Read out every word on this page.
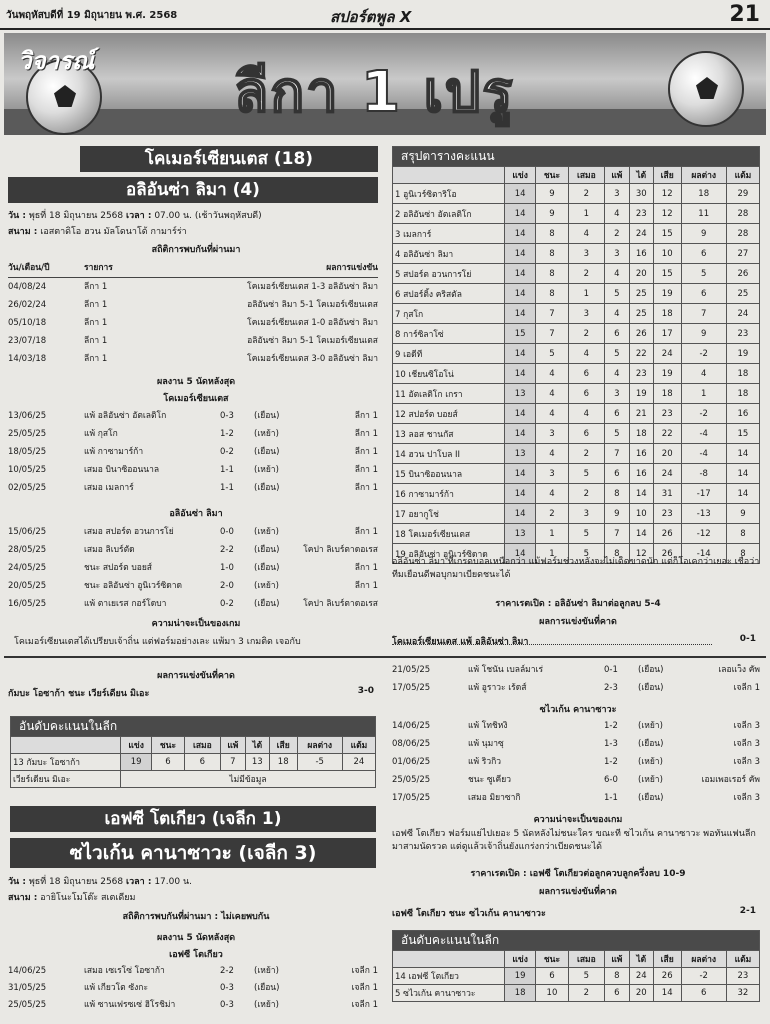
วันพฤหัสบดีที่ 19 มิถุนายน พ.ศ. 2568	สปอร์ตพูล X	21
วิจารณ์ ลีกา 1 เปรู
โคเมอร์เซียนเตส (18)
อลิอันซ่า ลิมา (4)
วัน : พุธที่ 18 มิถุนายน 2568 เวลา : 07.00 น. (เช้าวันพฤหัสบดี)
สนาม : เอสตาดิโอ ฮวน มัลโดนาโด้ กามาร์ร่า
สถิติการพบกันที่ผ่านมา
วัน/เดือน/ปี	รายการ	ผลการแข่งขัน
04/08/24	ลีกา 1	โคเมอร์เซียนเตส 1-3 อลิอันซ่า ลิมา
26/02/24	ลีกา 1	อลิอันซ่า ลิมา 5-1 โคเมอร์เซียนเตส
05/10/18	ลีกา 1	โคเมอร์เซียนเตส 1-0 อลิอันซ่า ลิมา
23/07/18	ลีกา 1	อลิอันซ่า ลิมา 5-1 โคเมอร์เซียนเตส
14/03/18	ลีกา 1	โคเมอร์เซียนเตส 3-0 อลิอันซ่า ลิมา
ผลงาน 5 นัดหลังสุด
โคเมอร์เซียนเตส
13/06/25	แพ้ อลิอันซ่า อัตเลติโก	0-3	(เยือน)	ลีกา 1
25/05/25	แพ้ กุสโก	1-2	(เหย้า)	ลีกา 1
18/05/25	แพ้ กาซามาร์ก้า	0-2	(เยือน)	ลีกา 1
10/05/25	เสมอ บินาซิออนนาล	1-1	(เหย้า)	ลีกา 1
02/05/25	เสมอ เมลการ์	1-1	(เยือน)	ลีกา 1
อลิอันซ่า ลิมา
15/06/25	เสมอ สปอร์ต อวนการโย่	0-0	(เหย้า)	ลีกา 1
28/05/25	เสมอ ลิเบร์ตัด	2-2	(เยือน)	โคปา ลิเบร์ตาดอเรส
24/05/25	ชนะ สปอร์ต บอยส์	1-0	(เยือน)	ลีกา 1
20/05/25	ชนะ อลิอันซ่า อูนิเวร์ซิดาด	2-0	(เหย้า)	ลีกา 1
16/05/25	แพ้ ตาเยเรส กอร์โดบา	0-2	(เยือน)	โคปา ลิเบร์ตาดอเรส
ความน่าจะเป็นของเกม
โคเมอร์เซียนเตสได้เปรียบเจ้าถิ่น แต่ฟอร์มอย่างเละ แพ้มา 3 เกมติด เจอกับ
สรุปตารางคะแนน								
	แข่ง	ชนะ	เสมอ	แพ้	ได้	เสีย	ผลต่าง	แต้ม
1 อูนิเวร์ซิตาริโอ	14	9	2	3	30	12	18	29
2 อลิอันซ่า อัตเลติโก	14	9	1	4	23	12	11	28
3 เมลการ์	14	8	4	2	24	15	9	28
4 อลิอันซ่า ลิมา	14	8	3	3	16	10	6	27
5 สปอร์ต อวนการโย่	14	8	2	4	20	15	5	26
6 สปอร์ติ้ง คริสตัล	14	8	1	5	25	19	6	25
7 กุสโก	14	7	3	4	25	18	7	24
8 การ์ซิลาโซ่	15	7	2	6	26	17	9	23
9 เอดีที	14	5	4	5	22	24	-2	19
10 เชียนซิโอโน่	14	4	6	4	23	19	4	18
11 อัตเลติโก เกรา	13	4	6	3	19	18	1	18
12 สปอร์ต บอยส์	14	4	4	6	21	23	-2	16
13 ลอส ชานกัส	14	3	6	5	18	22	-4	15
14 ฮวน ปาโบล II	13	4	2	7	16	20	-4	14
15 บินาซิออนนาล	14	3	5	6	16	24	-8	14
16 กาซามาร์ก้า	14	4	2	8	14	31	-17	14
17 อยากูโช่	14	2	3	9	10	23	-13	9
18 โคเมอร์เซียนเตส	13	1	5	7	14	26	-12	8
19 อลิอันซ่า อูนิเวร์ซิดาด	14	1	5	8	12	26	-14	8
อลิอันซ่า ลิมา ที่เกรดบอลเหนือกว่า แม้ฟอร์มช่วงหลังจะไม่เด็ดขาดนัก แต่ก็โอเคกว่าเยอะ เชื่อว่าทีมเยือนดีพอบุกมาเบียดชนะได้
ราคาเรตเปิด : อลิอันซ่า ลิมาต่อลูกลบ 5-4
ผลการแข่งขันที่คาด
โคเมอร์เซียนเตส แพ้ อลิอันซ่า ลิมา	0-1
ผลการแข่งขันที่คาด
กัมบะ โอซาก้า ชนะ เวียร์เดียน มิเอะ	3-0
อันดับคะแนนในลีก								
	แข่ง	ชนะ	เสมอ	แพ้	ได้	เสีย	ผลต่าง	แต้ม
13 กัมบะ โอซาก้า	19	6	6	7	13	18	-5	24
เวียร์เดียน มิเอะ	ไม่มีข้อมูล							
เอฟซี โตเกียว (เจลีก 1)
ซไวเก้น คานาซาวะ (เจลีก 3)
วัน : พุธที่ 18 มิถุนายน 2568 เวลา : 17.00 น.
สนาม : อายิโนะโมโต๊ะ สเตเดียม
สถิติการพบกันที่ผ่านมา : ไม่เคยพบกัน
ผลงาน 5 นัดหลังสุด
เอฟซี โตเกียว
14/06/25	เสมอ เซเรโซ่ โอซาก้า	2-2	(เหย้า)	เจลีก 1
31/05/25	แพ้ เกียวโต ซังกะ	0-3	(เยือน)	เจลีก 1
25/05/25	แพ้ ซานเฟรซเซ่ ฮิโรชิม่า	0-3	(เหย้า)	เจลีก 1
21/05/25	แพ้ โชนัน เบลล์มาเร่	0-1	(เยือน)	เลอแว็ง คัพ
17/05/25	แพ้ อูราวะ เร้ดส์	2-3	(เยือน)	เจลีก 1
ซไวเก้น คานาซาวะ
14/06/25	แพ้ โทชิหงิ	1-2	(เหย้า)	เจลีก 3
08/06/25	แพ้ นุมาซุ	1-3	(เยือน)	เจลีก 3
01/06/25	แพ้ ริวกิว	1-2	(เหย้า)	เจลีก 3
25/05/25	ชนะ ซูเคียว	6-0	(เหย้า)	เอมเพอเรอร์ คัพ
17/05/25	เสมอ มิยาซากิ	1-1	(เยือน)	เจลีก 3
ความน่าจะเป็นของเกม
เอฟซี โตเกียว ฟอร์มแย่ไปเยอะ 5 นัดหลังไม่ชนะใคร ขณะที่ ซไวเก้น คานาซาวะ พอทันแฟนลีกมาสามนัดรวด แต่ดูแล้วเจ้าถิ่นยังแกร่งกว่าเบียดชนะได้
ราคาเรตเปิด : เอฟซี โตเกียวต่อลูกควบลูกครึ่งลบ 10-9
ผลการแข่งขันที่คาด
เอฟซี โตเกียว ชนะ ซไวเก้น คานาซาวะ	2-1
อันดับคะแนนในลีก								
	แข่ง	ชนะ	เสมอ	แพ้	ได้	เสีย	ผลต่าง	แต้ม
14 เอฟซี โตเกียว	19	6	5	8	24	26	-2	23
5 ซไวเก้น คานาซาวะ	18	10	2	6	20	14	6	32
